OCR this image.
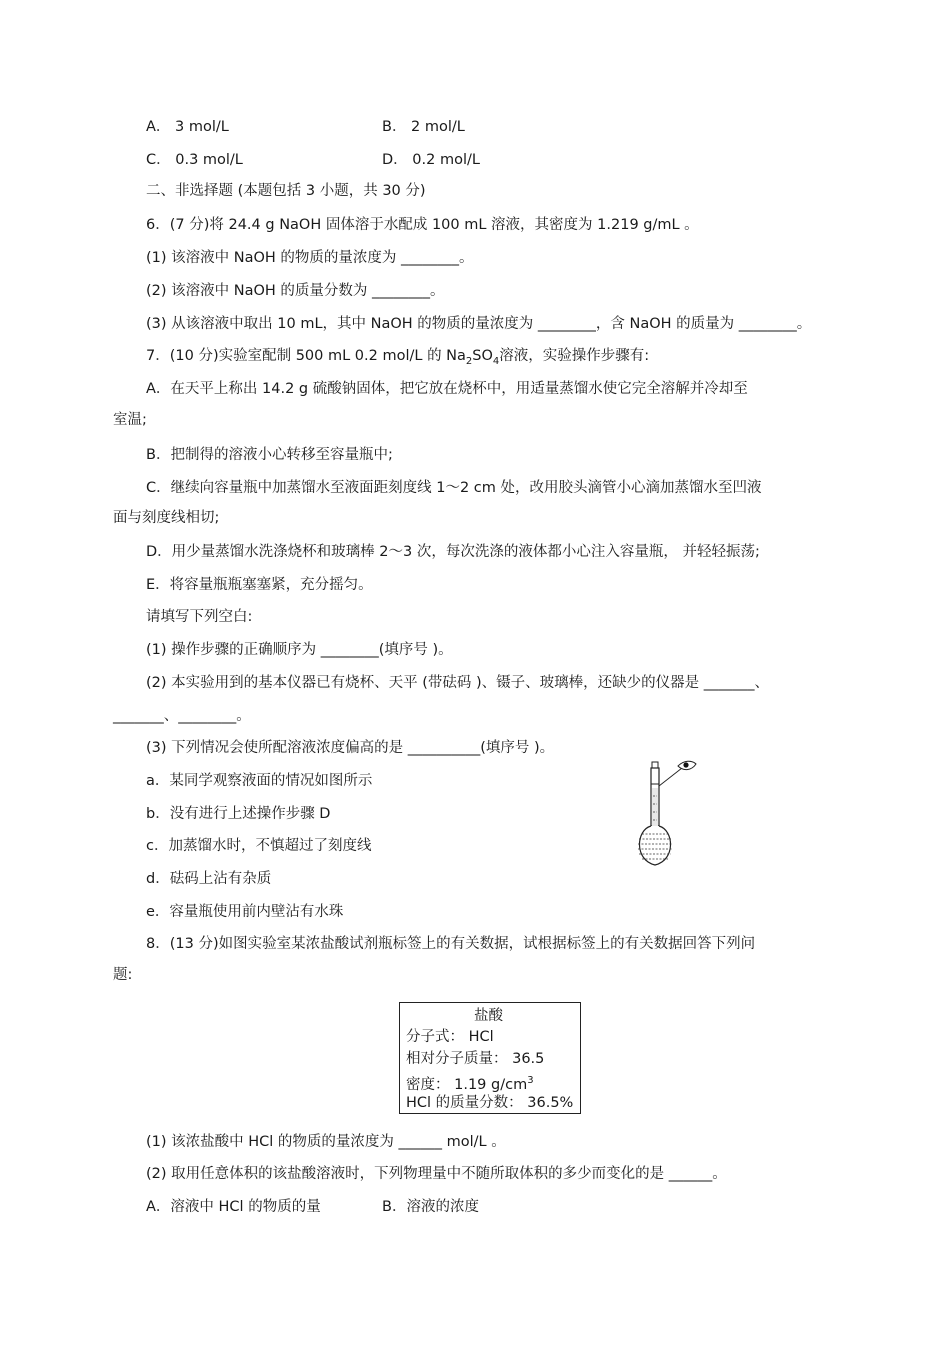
A． 3 mol/L	B． 2 mol/L
C． 0.3 mol/L	D． 0.2 mol/L
二、非选择题 (本题包括 3 小题，共 30 分)
6．(7 分)将 24.4 g NaOH 固体溶于水配成 100 mL 溶液，其密度为 1.219 g/mL 。
(1) 该溶液中 NaOH 的物质的量浓度为 ________。
(2) 该溶液中 NaOH 的质量分数为 ________。
(3) 从该溶液中取出 10 mL，其中 NaOH 的物质的量浓度为 ________，含 NaOH 的质量为 ________。
7．(10 分)实验室配制 500 mL 0.2 mol/L 的 $Na_2SO_4$溶液，实验操作步骤有:
A．在天平上称出 14.2 g 硫酸钠固体，把它放在烧杯中，用适量蒸馏水使它完全溶解并冷却至
室温;
B．把制得的溶液小心转移至容量瓶中;
C．继续向容量瓶中加蒸馏水至液面距刻度线 1～2 cm 处，改用胶头滴管小心滴加蒸馏水至凹液
面与刻度线相切;
D．用少量蒸馏水洗涤烧杯和玻璃棒 2～3 次，每次洗涤的液体都小心注入容量瓶， 并轻轻振荡;
E．将容量瓶瓶塞塞紧，充分摇匀。
请填写下列空白:
(1) 操作步骤的正确顺序为 ________(填序号 )。
(2) 本实验用到的基本仪器已有烧杯、天平 (带砝码 )、镊子、玻璃棒，还缺少的仪器是 _______、
_______、________。
(3) 下列情况会使所配溶液浓度偏高的是 __________(填序号 )。
a．某同学观察液面的情况如图所示
b．没有进行上述操作步骤 D
c．加蒸馏水时，不慎超过了刻度线
d．砝码上沾有杂质
e．容量瓶使用前内壁沾有水珠
8．(13 分)如图实验室某浓盐酸试剂瓶标签上的有关数据，试根据标签上的有关数据回答下列问
题:
盐酸
分子式： HCl
相对分子质量： 36.5
密度： 1.19 $g/cm^3$
HCl 的质量分数： 36.5%
(1) 该浓盐酸中 HCl 的物质的量浓度为 ______ mol/L 。
(2) 取用任意体积的该盐酸溶液时，下列物理量中不随所取体积的多少而变化的是 ______。
A．溶液中 HCl 的物质的量	B．溶液的浓度
